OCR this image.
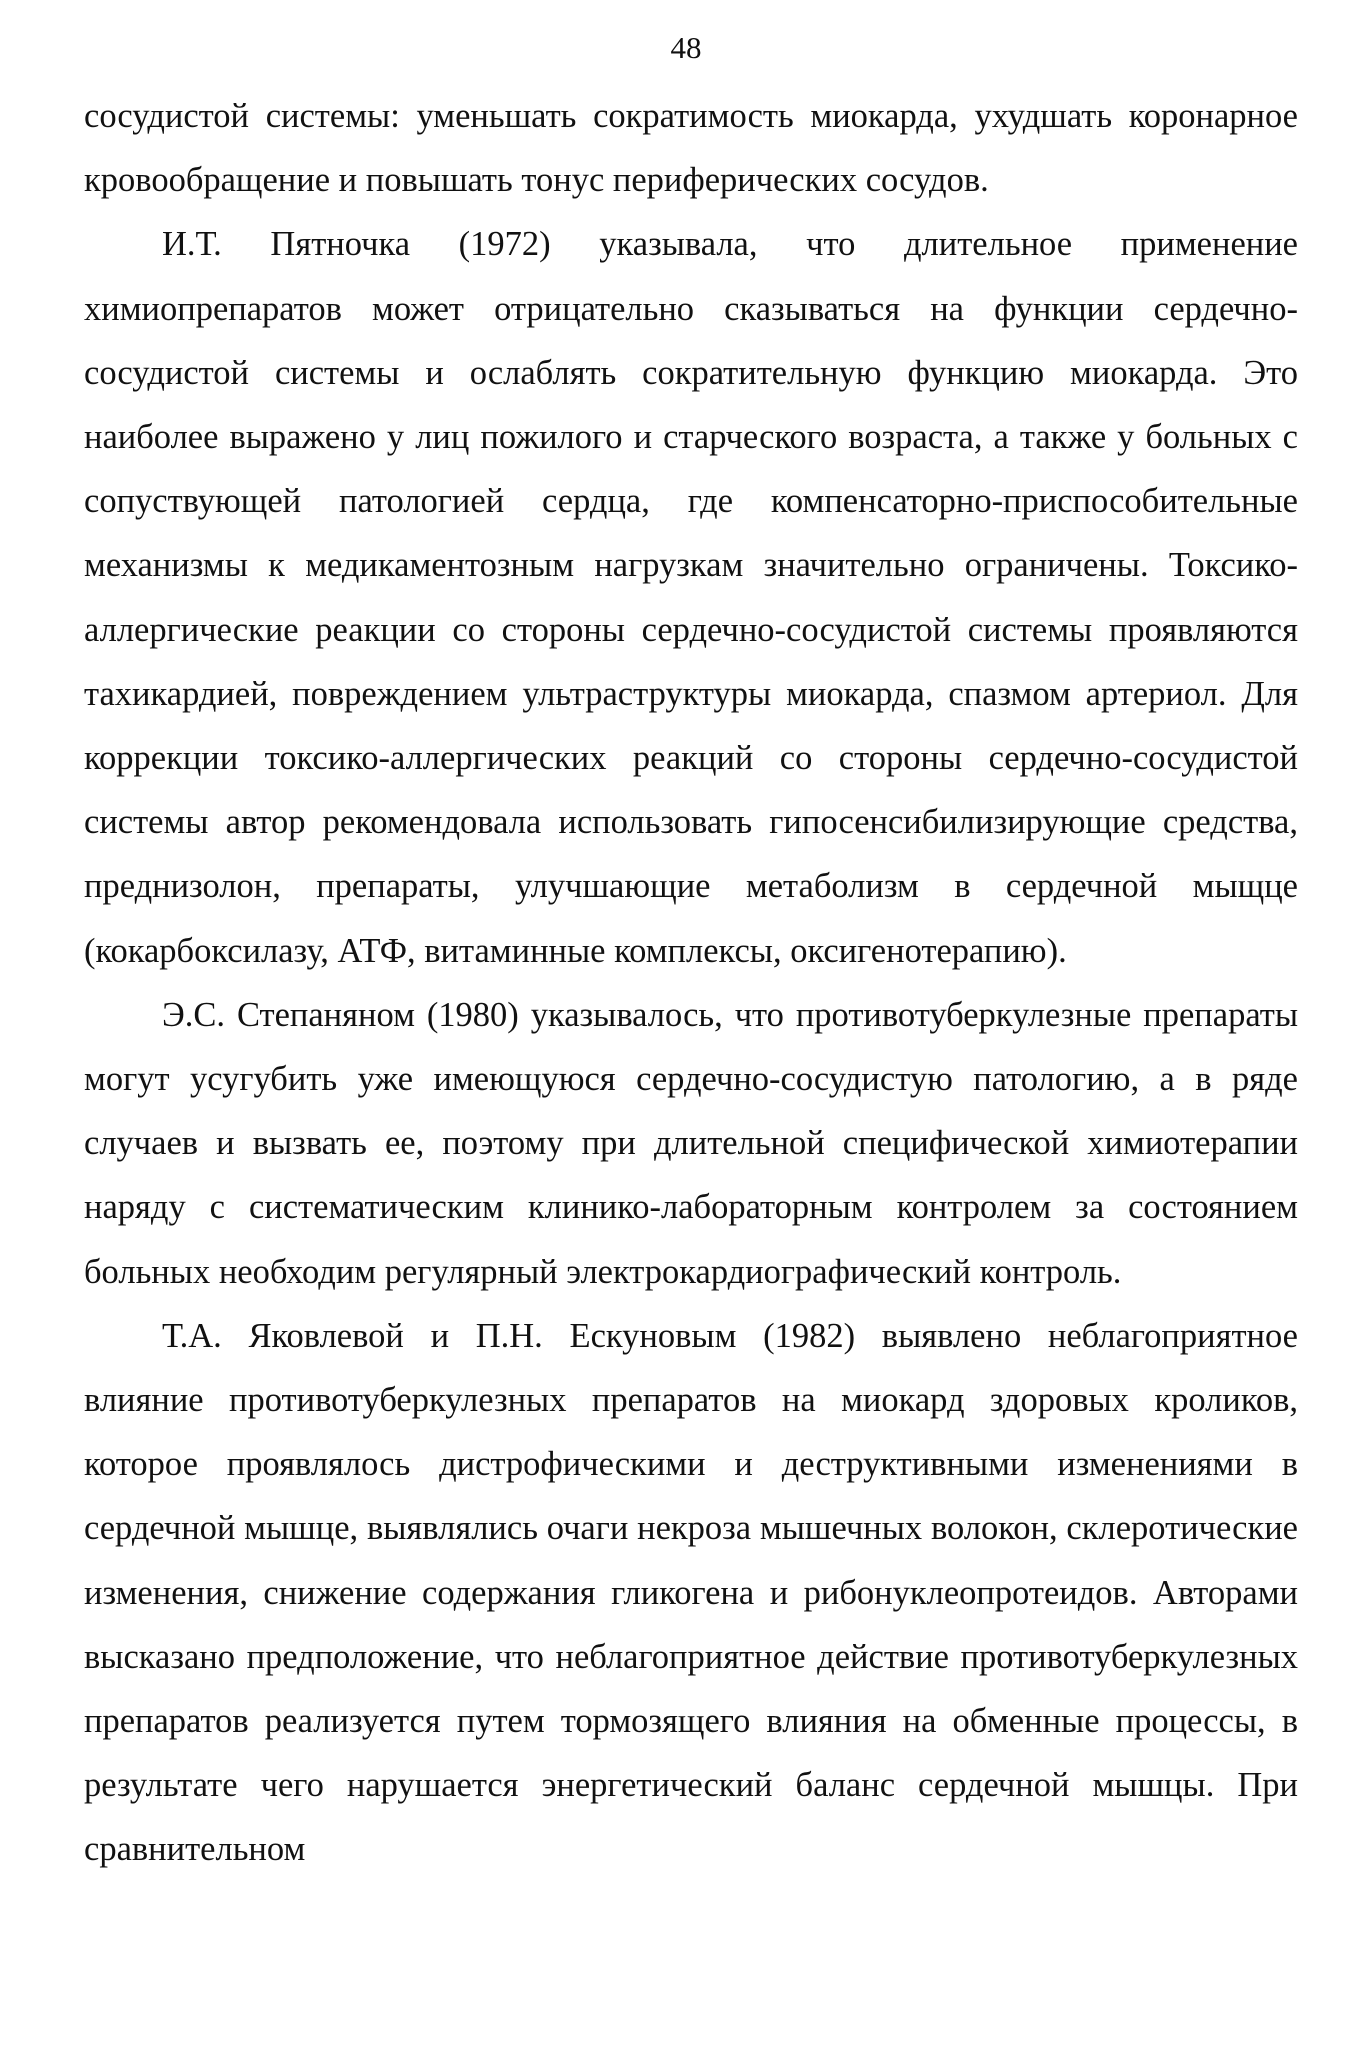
48

сосудистой системы: уменьшать сократимость миокарда, ухудшать коронарное кровообращение и повышать тонус периферических сосудов.

И.Т. Пятночка (1972) указывала, что длительное применение химиопрепаратов может отрицательно сказываться на функции сердечно-сосудистой системы и ослаблять сократительную функцию миокарда. Это наиболее выражено у лиц пожилого и старческого возраста, а также у больных с сопуствующей патологией сердца, где компенсаторно-приспособительные механизмы к медикаментозным нагрузкам значительно ограничены. Токсико-аллергические реакции со стороны сердечно-сосудистой системы проявляются тахикардией, повреждением ультраструктуры миокарда, спазмом артериол. Для коррекции токсико-аллергических реакций со стороны сердечно-сосудистой системы автор рекомендовала использовать гипосенсибилизирующие средства, преднизолон, препараты, улучшающие метаболизм в сердечной мыщце (кокарбоксилазу, АТФ, витаминные комплексы, оксигенотерапию).

Э.С. Степаняном (1980) указывалось, что противотуберкулезные препараты могут усугубить уже имеющуюся сердечно-сосудистую патологию, а в ряде случаев и вызвать ее, поэтому при длительной специфической химиотерапии наряду с систематическим клинико-лабораторным контролем за состоянием больных необходим регулярный электрокардиографический контроль.

Т.А. Яковлевой и П.Н. Ескуновым (1982) выявлено неблагоприятное влияние противотуберкулезных препаратов на миокард здоровых кроликов, которое проявлялось дистрофическими и деструктивными изменениями в сердечной мышце, выявлялись очаги некроза мышечных волокон, склеротические изменения, снижение содержания гликогена и рибонуклеопротеидов. Авторами высказано предположение, что неблагоприятное действие противотуберкулезных препаратов реализуется путем тормозящего влияния на обменные процессы, в результате чего нарушается энергетический баланс сердечной мышцы. При сравнительном
